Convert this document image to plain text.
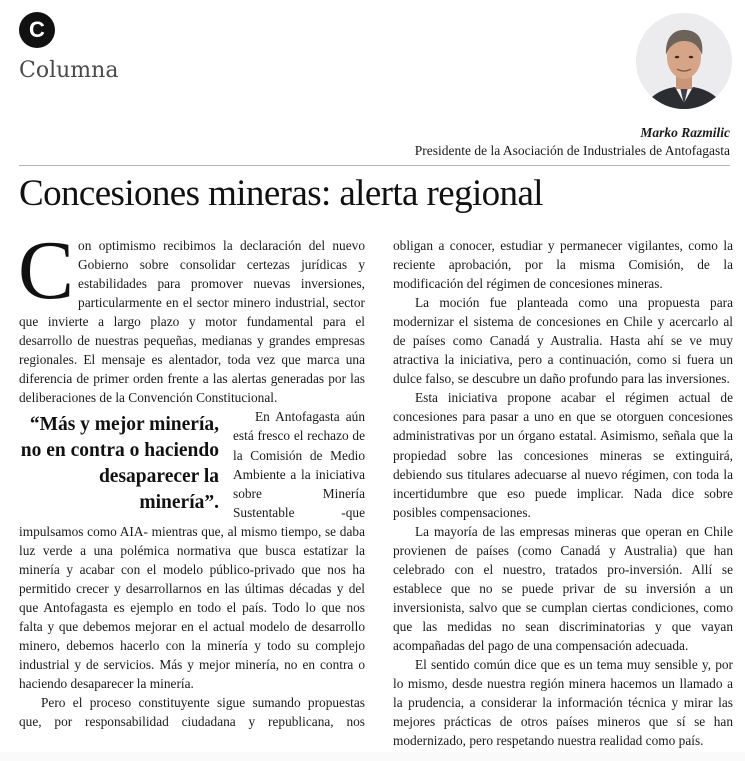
C
Columna
Marko Razmilic
Presidente de la Asociación de Industriales de Antofagasta
Concesiones mineras: alerta regional

Con optimismo recibimos la declaración del nuevo Gobierno sobre consolidar certezas jurídicas y estabilidades para promover nuevas inversiones, particularmente en el sector minero industrial, sector que invierte a largo plazo y motor fundamental para el desarrollo de nuestras pequeñas, medianas y grandes empresas regionales. El mensaje es alentador, toda vez que marca una diferencia de primer orden frente a las alertas generadas por las deliberaciones de la Convención Constitucional.

“Más y mejor minería, no en contra o haciendo desaparecer la minería”.

En Antofagasta aún está fresco el rechazo de la Comisión de Medio Ambiente a la iniciativa sobre Minería Sustentable -que impulsamos como AIA- mientras que, al mismo tiempo, se daba luz verde a una polémica normativa que busca estatizar la minería y acabar con el modelo público-privado que nos ha permitido crecer y desarrollarnos en las últimas décadas y del que Antofagasta es ejemplo en todo el país. Todo lo que nos falta y que debemos mejorar en el actual modelo de desarrollo minero, debemos hacerlo con la minería y todo su complejo industrial y de servicios. Más y mejor minería, no en contra o haciendo desaparecer la minería.

Pero el proceso constituyente sigue sumando propuestas que, por responsabilidad ciudadana y republicana, nos

obligan a conocer, estudiar y permanecer vigilantes, como la reciente aprobación, por la misma Comisión, de la modificación del régimen de concesiones mineras.

La moción fue planteada como una propuesta para modernizar el sistema de concesiones en Chile y acercarlo al de países como Canadá y Australia. Hasta ahí se ve muy atractiva la iniciativa, pero a continuación, como si fuera un dulce falso, se descubre un daño profundo para las inversiones.

Esta iniciativa propone acabar el régimen actual de concesiones para pasar a uno en que se otorguen concesiones administrativas por un órgano estatal. Asimismo, señala que la propiedad sobre las concesiones mineras se extinguirá, debiendo sus titulares adecuarse al nuevo régimen, con toda la incertidumbre que eso puede implicar. Nada dice sobre posibles compensaciones.

La mayoría de las empresas mineras que operan en Chile provienen de países (como Canadá y Australia) que han celebrado con el nuestro, tratados pro-inversión. Allí se establece que no se puede privar de su inversión a un inversionista, salvo que se cumplan ciertas condiciones, como que las medidas no sean discriminatorias y que vayan acompañadas del pago de una compensación adecuada.

El sentido común dice que es un tema muy sensible y, por lo mismo, desde nuestra región minera hacemos un llamado a la prudencia, a considerar la información técnica y mirar las mejores prácticas de otros países mineros que sí se han modernizado, pero respetando nuestra realidad como país.
